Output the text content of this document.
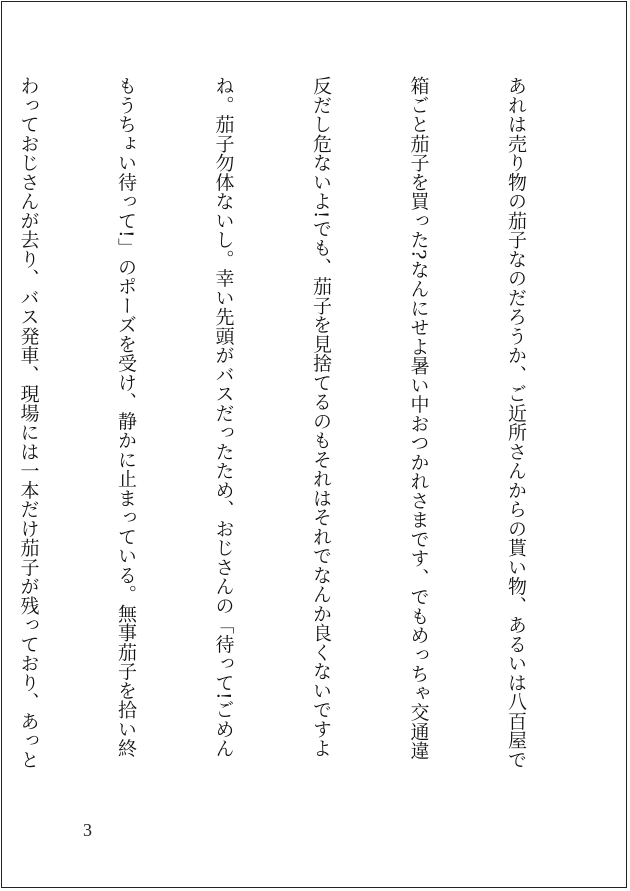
あれは売り物の茄子なのだろうか、ご近所さんからの貰い物、あるいは八百屋で

箱ごと茄子を買った?なんにせよ暑い中おつかれさまです、でもめっちゃ交通違

反だし危ないよ!でも、茄子を見捨てるのもそれはそれでなんか良くないですよ

ね。茄子勿体ないし。幸い先頭がバスだったため、おじさんの「待って!ごめん

もうちょい待って!」のポーズを受け、静かに止まっている。無事茄子を拾い終

わっておじさんが去り、バス発車、現場には一本だけ茄子が残っており、あっと

3
